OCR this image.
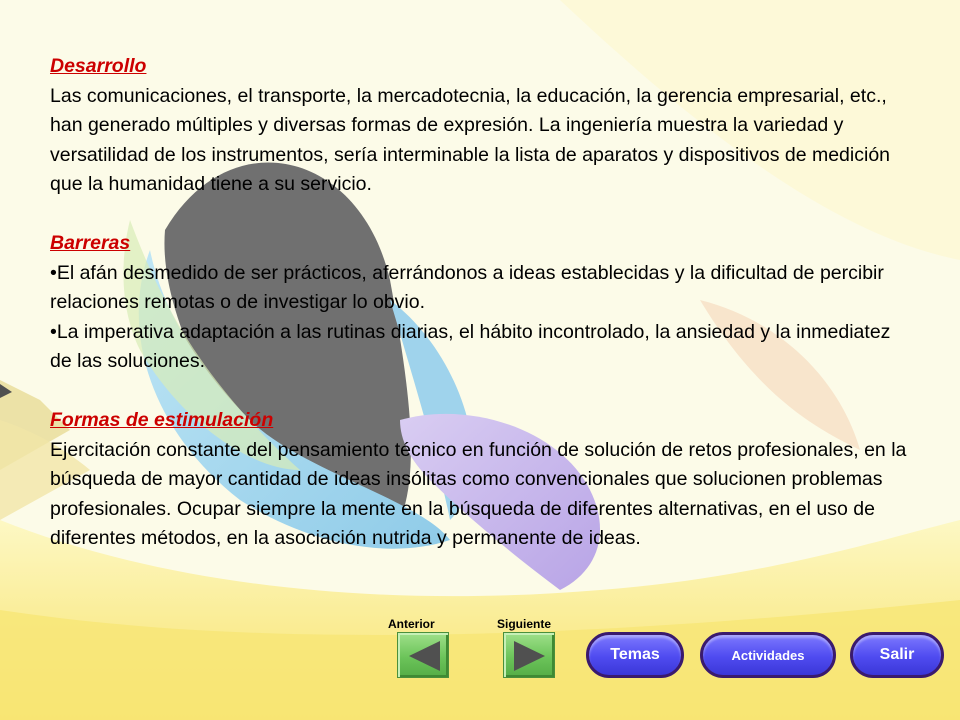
Desarrollo
Las comunicaciones, el transporte, la mercadotecnia, la educación, la gerencia empresarial, etc., han generado múltiples y diversas formas de expresión. La ingeniería muestra la variedad y versatilidad de los instrumentos, sería interminable la lista de aparatos y dispositivos de medición que la humanidad tiene a su servicio.
Barreras
•El afán desmedido de ser prácticos, aferrándonos a ideas establecidas y la dificultad de percibir relaciones remotas o de investigar lo obvio.
•La imperativa adaptación a las rutinas diarias, el hábito incontrolado, la ansiedad y la inmediatez de las soluciones.
Formas de estimulación
Ejercitación constante del pensamiento técnico en función de solución de retos profesionales, en la búsqueda de mayor cantidad de ideas insólitas como convencionales que solucionen problemas profesionales. Ocupar siempre la mente en la búsqueda de diferentes alternativas, en el uso de diferentes métodos, en la asociación nutrida y permanente de ideas.
Anterior	Siguiente
Temas	Actividades	Salir
